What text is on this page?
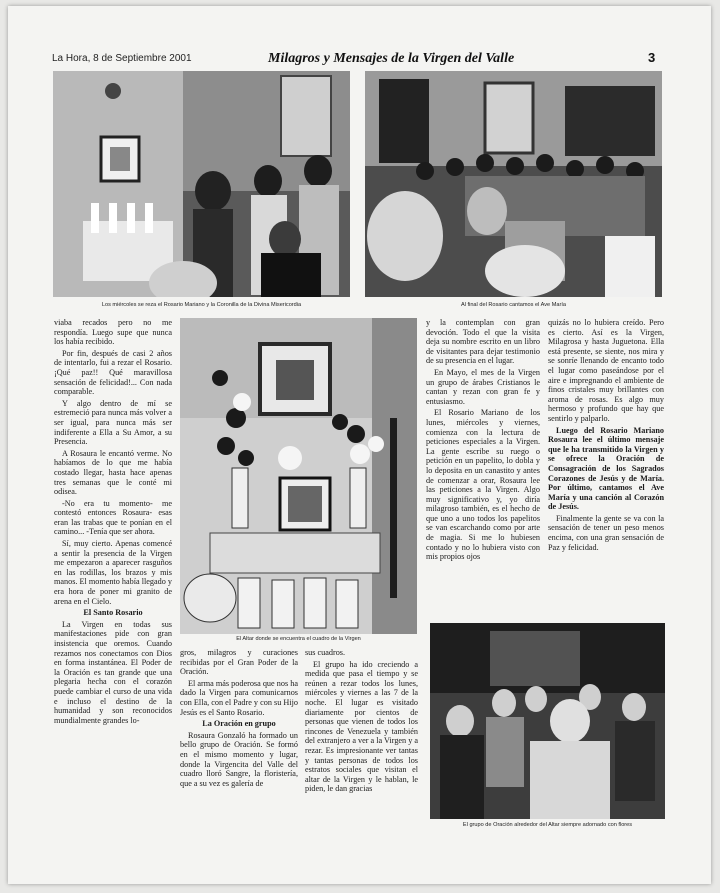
La Hora, 8 de Septiembre 2001	Milagros y Mensajes de la Virgen del Valle	3
Los miércoles se reza el Rosario Mariano y la Coronilla de la Divina Misericordia	Al final del Rosario cantamos el Ave María
El Altar donde se encuentra el cuadro de la Virgen
El grupo de Oración alrededor del Altar siempre adornado con flores

viaba recados pero no me respondía. Luego supe que nunca los había recibido.

Por fin, después de casi 2 años de intentarlo, fui a rezar el Rosario. ¡Qué paz!! Qué maravillosa sensación de felicidad!... Con nada comparable.

Y algo dentro de mí se estremeció para nunca más volver a ser igual, para nunca más ser indiferente a Ella a Su Amor, a su Presencia.

A Rosaura le encantó verme. No habíamos de lo que me había costado llegar, hasta hace apenas tres semanas que le conté mi odisea.

-No era tu momento- me contestó entonces Rosaura- esas eran las trabas que te ponían en el camino... -Tenía que ser ahora.

Sí, muy cierto. Apenas comencé a sentir la presencia de la Virgen me empezaron a aparecer rasguños en las rodillas, los brazos y mis manos. El momento había llegado y era hora de poner mi granito de arena en el Cielo.

El Santo Rosario

La Virgen en todas sus manifestaciones pide con gran insistencia que oremos. Cuando rezamos nos conectamos con Dios en forma instantánea. El Poder de la Oración es tan grande que una plegaria hecha con el corazón puede cambiar el curso de una vida e incluso el destino de la humanidad y son reconocidos mundialmente grandes lo-

gros, milagros y curaciones recibidas por el Gran Poder de la Oración.

El arma más poderosa que nos ha dado la Virgen para comunicarnos con Ella, con el Padre y con su Hijo Jesús es el Santo Rosario.

La Oración en grupo

Rosaura Gonzaló ha formado un bello grupo de Oración. Se formó en el mismo momento y lugar, donde la Virgencita del Valle del cuadro lloró Sangre, la floristería, que a su vez es galería de

sus cuadros.

El grupo ha ido creciendo a medida que pasa el tiempo y se reúnen a rezar todos los lunes, miércoles y viernes a las 7 de la noche. El lugar es visitado diariamente por cientos de personas que vienen de todos los rincones de Venezuela y también del extranjero a ver a la Virgen y a rezar. Es impresionante ver tantas y tantas personas de todos los estratos sociales que visitan el altar de la Virgen y le hablan, le piden, le dan gracias

y la contemplan con gran devoción. Todo el que la visita deja su nombre escrito en un libro de visitantes para dejar testimonio de su presencia en el lugar.

En Mayo, el mes de la Virgen un grupo de árabes Cristianos le cantan y rezan con gran fe y entusiasmo.

El Rosario Mariano de los lunes, miércoles y viernes, comienza con la lectura de peticiones especiales a la Virgen. La gente escribe su ruego o petición en un papelito, lo dobla y lo deposita en un canastito y antes de comenzar a orar, Rosaura lee las peticiones a la Virgen. Algo muy significativo y, yo diría milagroso también, es el hecho de que uno a uno todos los papelitos se van escarchando como por arte de magia. Si me lo hubiesen contado y no lo hubiera visto con mis propios ojos

quizás no lo hubiera creído. Pero es cierto. Así es la Virgen, Milagrosa y hasta Juguetona. Ella está presente, se siente, nos mira y se sonríe llenando de encanto todo el lugar como paseándose por el aire e impregnando el ambiente de finos cristales muy brillantes con aroma de rosas. Es algo muy hermoso y profundo que hay que sentirlo y palparlo.

Luego del Rosario Mariano Rosaura lee el último mensaje que le ha transmitido la Virgen y se ofrece la Oración de Consagración de los Sagrados Corazones de Jesús y de María. Por último, cantamos el Ave María y una canción al Corazón de Jesús.

Finalmente la gente se va con la sensación de tener un peso menos encima, con una gran sensación de Paz y felicidad.
